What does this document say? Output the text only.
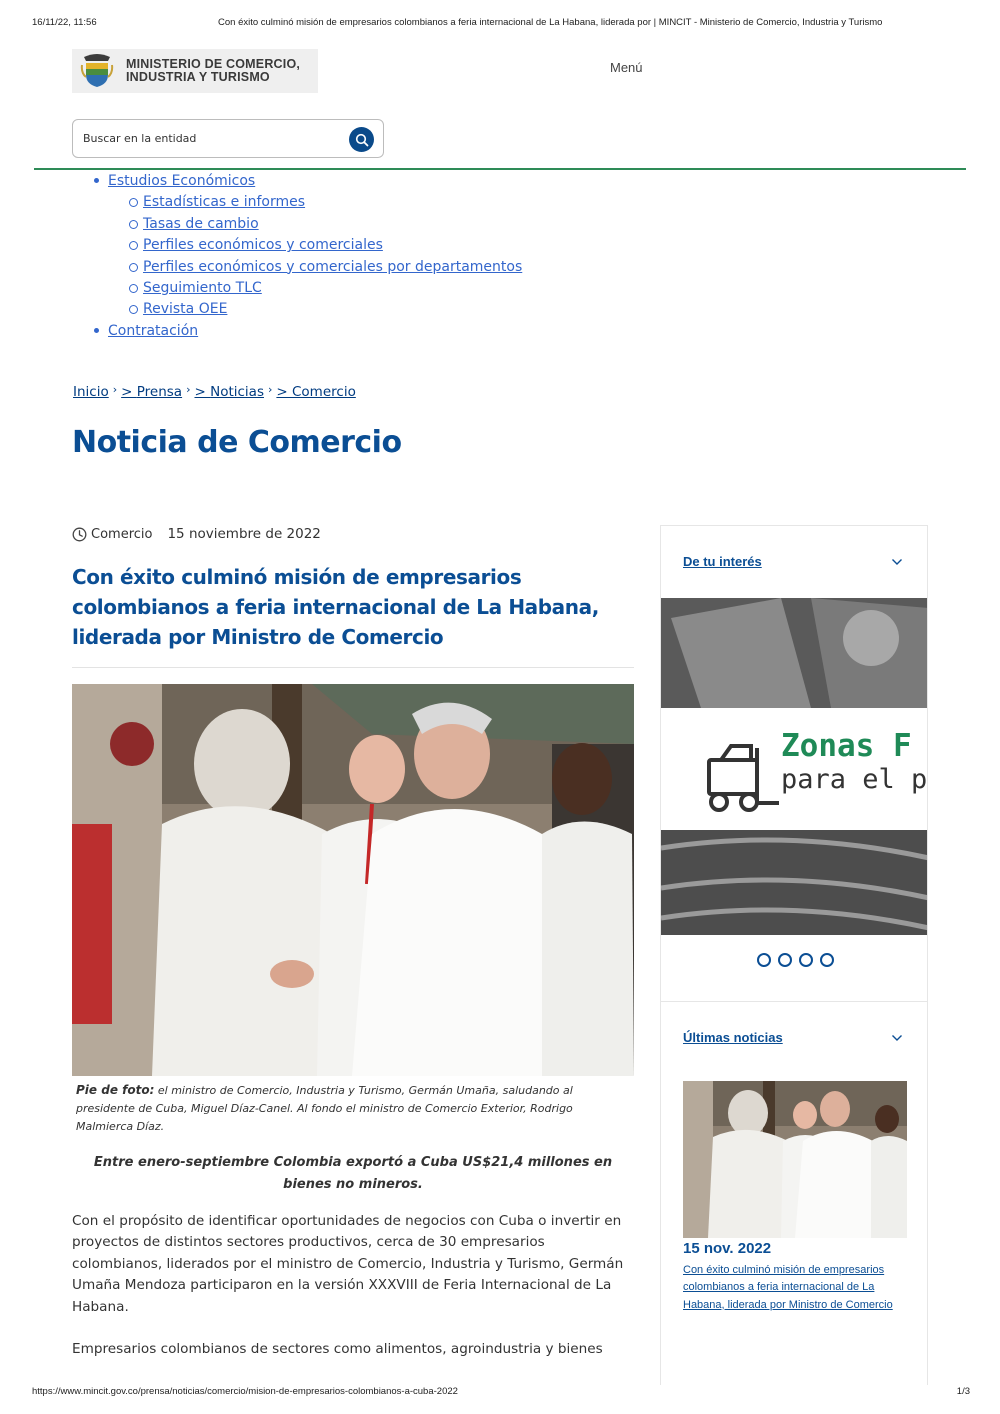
16/11/22, 11:56	Con éxito culminó misión de empresarios colombianos a feria internacional de La Habana, liderada por | MINCIT - Ministerio de Comercio, Industria y Turismo
MINISTERIO DE COMERCIO,
INDUSTRIA Y TURISMO
Menú
Buscar en la entidad
Estudios Económicos
Estadísticas e informes
Tasas de cambio
Perfiles económicos y comerciales
Perfiles económicos y comerciales por departamentos
Seguimiento TLC
Revista OEE
Contratación
Inicio › > Prensa › > Noticias › > Comercio
Noticia de Comercio
Comercio 15 noviembre de 2022
Con éxito culminó misión de empresarios colombianos a feria internacional de La Habana, liderada por Ministro de Comercio
Pie de foto: el ministro de Comercio, Industria y Turismo, Germán Umaña, saludando al presidente de Cuba, Miguel Díaz-Canel. Al fondo el ministro de Comercio Exterior, Rodrigo Malmierca Díaz.

Entre enero-septiembre Colombia exportó a Cuba US$21,4 millones en bienes no mineros.

Con el propósito de identificar oportunidades de negocios con Cuba o invertir en proyectos de distintos sectores productivos, cerca de 30 empresarios colombianos, liderados por el ministro de Comercio, Industria y Turismo, Germán Umaña Mendoza participaron en la versión XXXVIII de Feria Internacional de La Habana.

Empresarios colombianos de sectores como alimentos, agroindustria y bienes

De tu interés
Zonas F
para el p
Últimas noticias
15 nov. 2022
Con éxito culminó misión de empresarios colombianos a feria internacional de La Habana, liderada por Ministro de Comercio
https://www.mincit.gov.co/prensa/noticias/comercio/mision-de-empresarios-colombianos-a-cuba-2022	1/3
